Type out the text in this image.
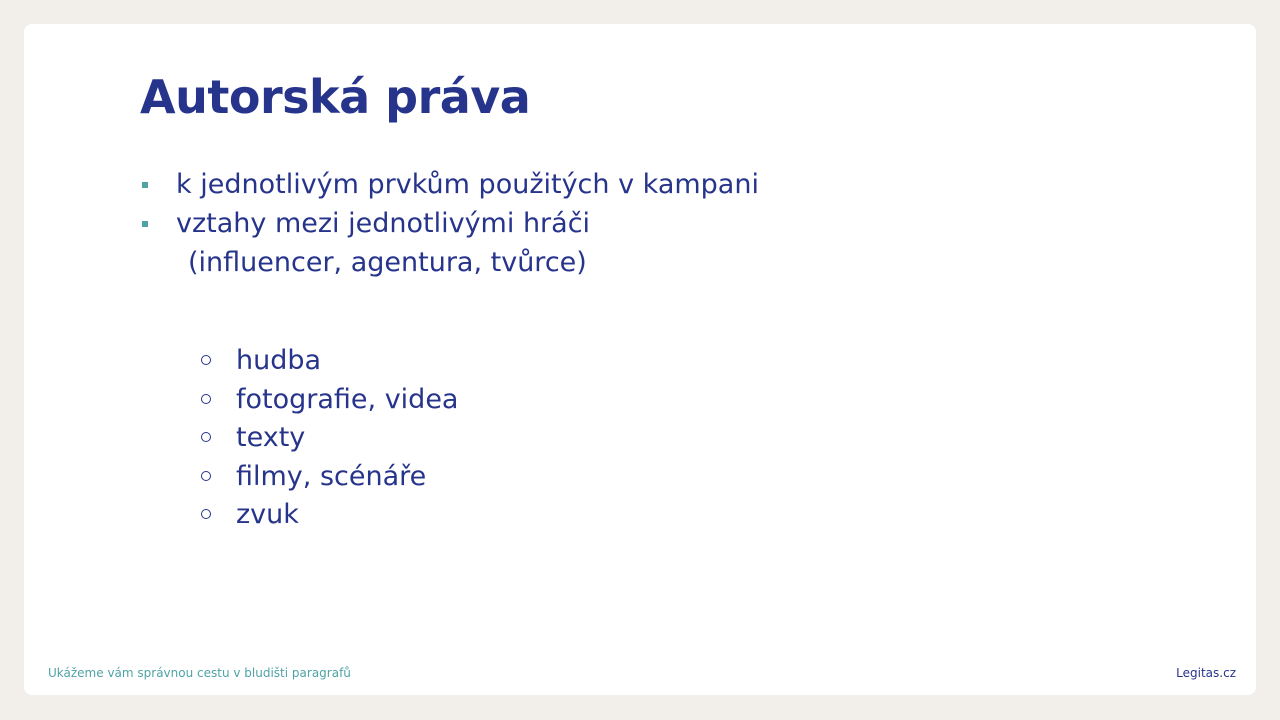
Autorská práva
k jednotlivým prvkům použitých v kampani
vztahy mezi jednotlivými hráči
(influencer, agentura, tvůrce)
hudba
fotografie, videa
texty
filmy, scénáře
zvuk
Ukážeme vám správnou cestu v bludišti paragrafů	Legitas.cz
